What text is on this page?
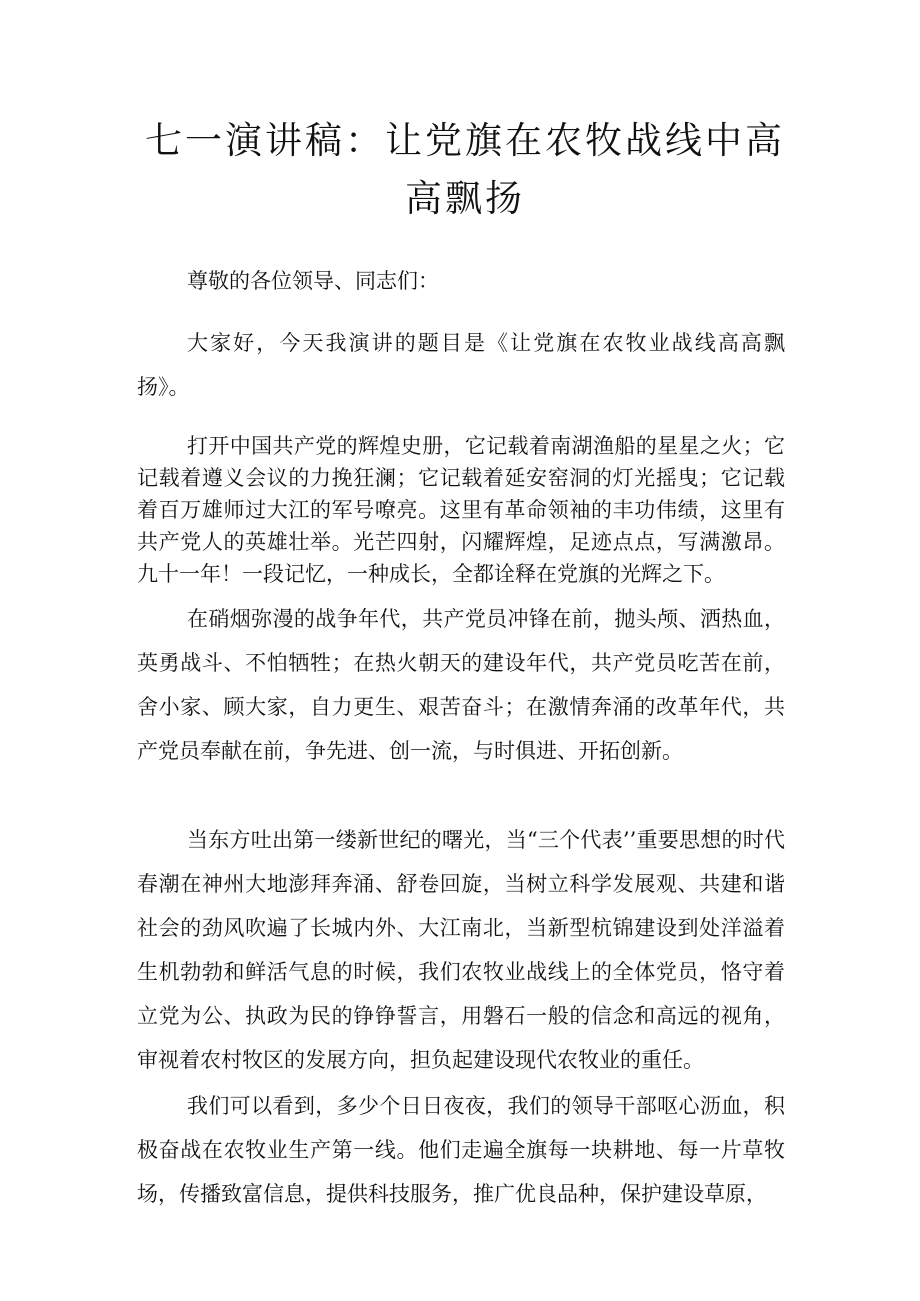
七一演讲稿：让党旗在农牧战线中高高飘扬

尊敬的各位领导、同志们：

大家好，今天我演讲的题目是《让党旗在农牧业战线高高飘扬》。

打开中国共产党的辉煌史册，它记载着南湖渔船的星星之火；它记载着遵义会议的力挽狂澜；它记载着延安窑洞的灯光摇曳；它记载着百万雄师过大江的军号嘹亮。这里有革命领袖的丰功伟绩，这里有共产党人的英雄壮举。光芒四射，闪耀辉煌，足迹点点，写满激昂。九十一年！一段记忆，一种成长，全都诠释在党旗的光辉之下。

在硝烟弥漫的战争年代，共产党员冲锋在前，抛头颅、洒热血，英勇战斗、不怕牺牲；在热火朝天的建设年代，共产党员吃苦在前，舍小家、顾大家，自力更生、艰苦奋斗；在激情奔涌的改革年代，共产党员奉献在前，争先进、创一流，与时俱进、开拓创新。

当东方吐出第一缕新世纪的曙光，当“三个代表’’重要思想的时代春潮在神州大地澎拜奔涌、舒卷回旋，当树立科学发展观、共建和谐社会的劲风吹遍了长城内外、大江南北，当新型杭锦建设到处洋溢着生机勃勃和鲜活气息的时候，我们农牧业战线上的全体党员，恪守着立党为公、执政为民的铮铮誓言，用磐石一般的信念和高远的视角，审视着农村牧区的发展方向，担负起建设现代农牧业的重任。

我们可以看到，多少个日日夜夜，我们的领导干部呕心沥血，积极奋战在农牧业生产第一线。他们走遍全旗每一块耕地、每一片草牧场，传播致富信息，提供科技服务，推广优良品种，保护建设草原，
